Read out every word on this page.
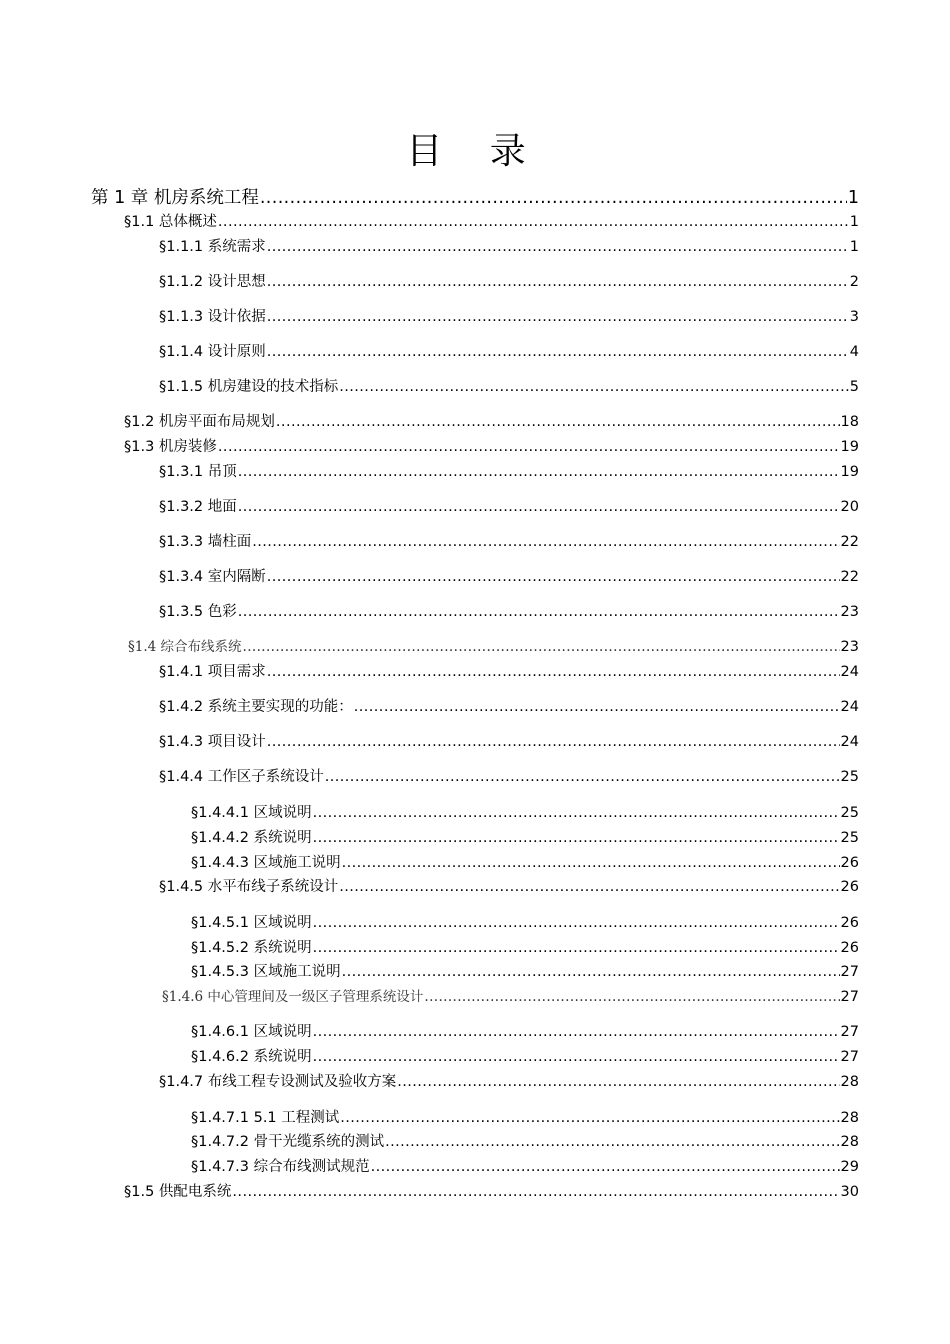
目 录
第 1 章 机房系统工程 .....	1
§1.1 总体概述 .....	1
§1.1.1 系统需求 .....	1
§1.1.2 设计思想 .....	2
§1.1.3 设计依据 .....	3
§1.1.4 设计原则 .....	4
§1.1.5 机房建设的技术指标 .....	5
§1.2 机房平面布局规划 .....	18
§1.3 机房装修 .....	19
§1.3.1 吊顶 .....	19
§1.3.2 地面 .....	20
§1.3.3 墙柱面 .....	22
§1.3.4 室内隔断 .....	22
§1.3.5 色彩 .....	23
§1.4 综合布线系统 .....	23
§1.4.1 项目需求 .....	24
§1.4.2 系统主要实现的功能： .....	24
§1.4.3 项目设计 .....	24
§1.4.4 工作区子系统设计 .....	25
§1.4.4.1 区域说明 .....	25
§1.4.4.2 系统说明 .....	25
§1.4.4.3 区域施工说明 .....	26
§1.4.5 水平布线子系统设计 .....	26
§1.4.5.1 区域说明 .....	26
§1.4.5.2 系统说明 .....	26
§1.4.5.3 区域施工说明 .....	27
§1.4.6 中心管理间及一级区子管理系统设计 .....	27
§1.4.6.1 区域说明 .....	27
§1.4.6.2 系统说明 .....	27
§1.4.7 布线工程专设测试及验收方案 .....	28
§1.4.7.1 5.1 工程测试 .....	28
§1.4.7.2 骨干光缆系统的测试 .....	28
§1.4.7.3 综合布线测试规范 .....	29
§1.5 供配电系统 .....	30
